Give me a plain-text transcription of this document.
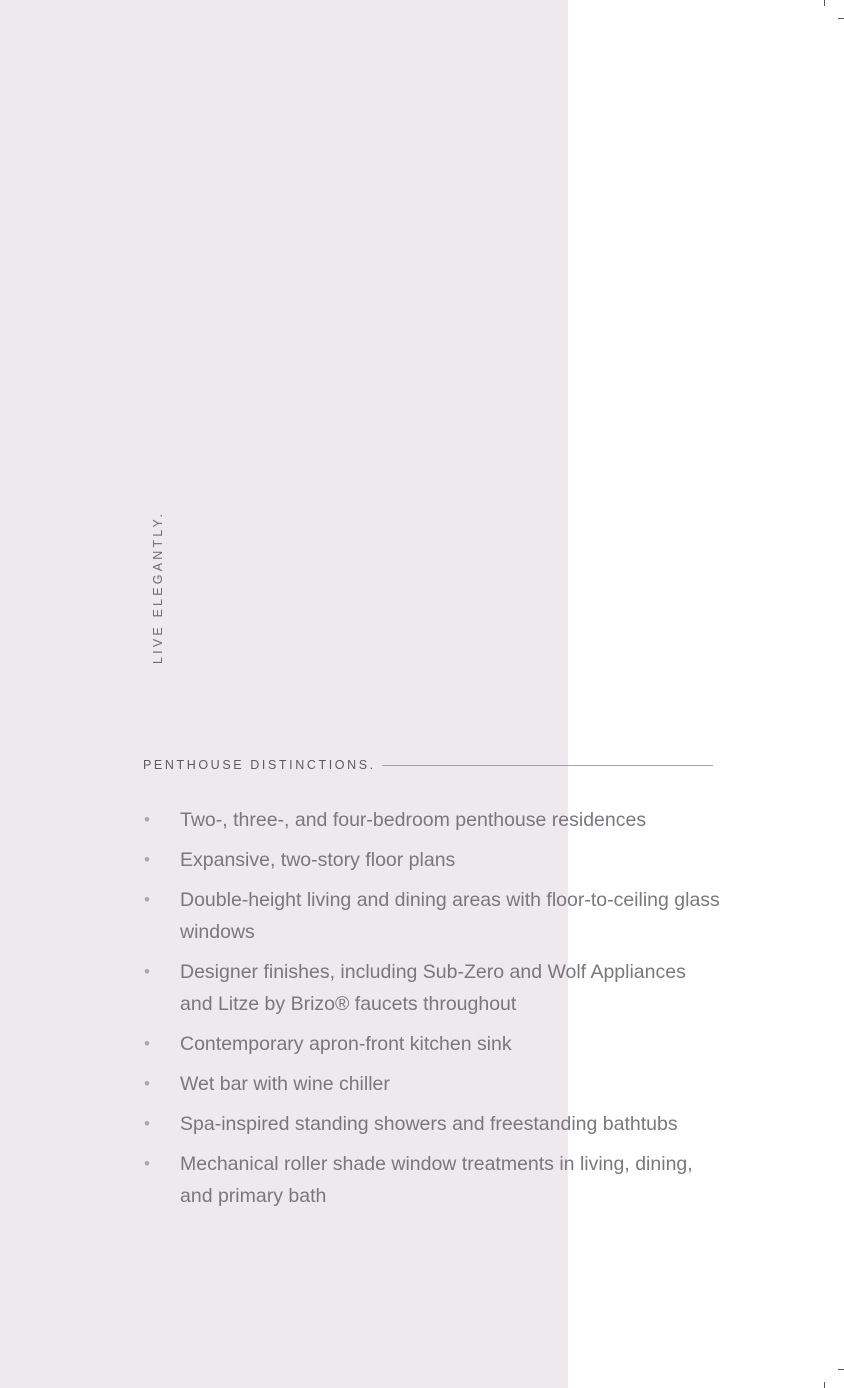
LIVE ELEGANTLY.
PENTHOUSE DISTINCTIONS.
• Two-, three-, and four-bedroom penthouse residences
• Expansive, two-story floor plans
• Double-height living and dining areas with floor-to-ceiling glass windows
• Designer finishes, including Sub-Zero and Wolf Appliances and Litze by Brizo® faucets throughout
• Contemporary apron-front kitchen sink
• Wet bar with wine chiller
• Spa-inspired standing showers and freestanding bathtubs
• Mechanical roller shade window treatments in living, dining, and primary bath
